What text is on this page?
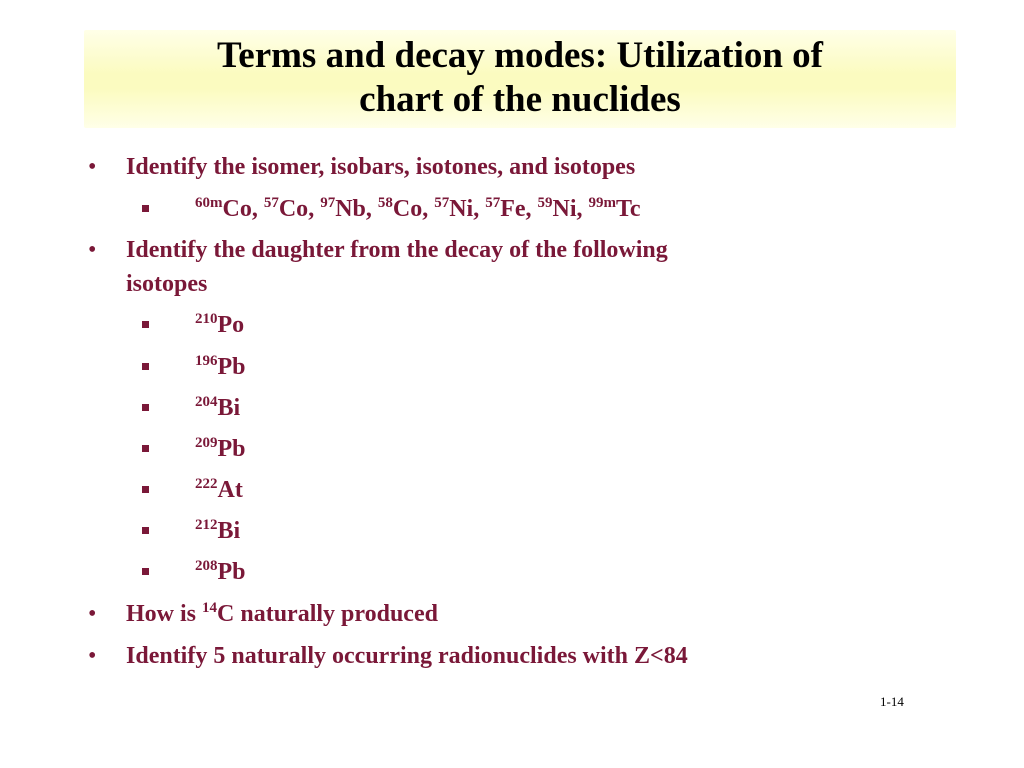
Terms and decay modes: Utilization of
chart of the nuclides
• Identify the isomer, isobars, isotones, and isotopes
$^{60m}$Co, $^{57}$Co, $^{97}$Nb, $^{58}$Co, $^{57}$Ni, $^{57}$Fe, $^{59}$Ni, $^{99m}$Tc
• Identify the daughter from the decay of the following
isotopes
$^{210}$Po
$^{196}$Pb
$^{204}$Bi
$^{209}$Pb
$^{222}$At
$^{212}$Bi
$^{208}$Pb
• How is $^{14}$C naturally produced
• Identify 5 naturally occurring radionuclides with Z<84
1-14
